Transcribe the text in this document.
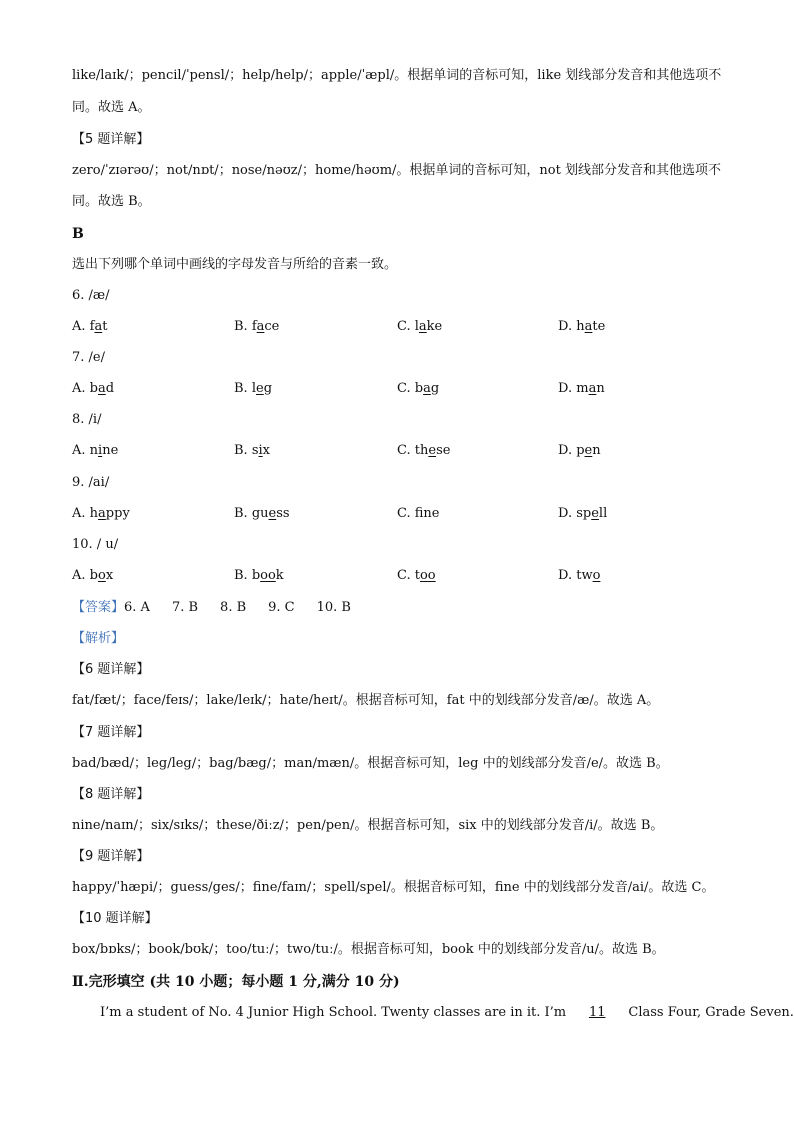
like/laɪk/；pencil/ˈpensl/；help/help/；apple/ˈæpl/。根据单词的音标可知，like 划线部分发音和其他选项不
同。故选 A。
【5 题详解】
zero/ˈzɪərəʊ/；not/nɒt/；nose/nəʊz/；home/həʊm/。根据单词的音标可知，not 划线部分发音和其他选项不
同。故选 B。
B
选出下列哪个单词中画线的字母发音与所给的音素一致。
6. /æ/
A. fat	B. face	C. lake	D. hate
7. /e/
A. bad	B. leg	C. bag	D. man
8. /i/
A. nine	B. six	C. these	D. pen
9. /ai/
A. happy	B. guess	C. fne	D. spell
10. / u/
A. box	B. book	C. too	D. two
【答案】6. A 7. B 8. B 9. C 10. B
【解析】
【6 题详解】
fat/fæt/；face/feɪs/；lake/leɪk/；hate/heɪt/。根据音标可知，fat 中的划线部分发音/æ/。故选 A。
【7 题详解】
bad/bæd/；leg/leg/；bag/bæg/；man/mæn/。根据音标可知，leg 中的划线部分发音/e/。故选 B。
【8 题详解】
nine/naɪn/；six/sɪks/；these/ðiːz/；pen/pen/。根据音标可知，six 中的划线部分发音/i/。故选 B。
【9 题详解】
happy/ˈhæpi/；guess/ges/；fine/faɪn/；spell/spel/。根据音标可知，fine 中的划线部分发音/ai/。故选 C。
【10 题详解】
box/bɒks/；book/bʊk/；too/tuː/；two/tuː/。根据音标可知，book 中的划线部分发音/u/。故选 B。
Ⅱ.完形填空 (共 10 小题；每小题 1 分,满分 10 分)
I’m a student of No. 4 Junior High School. Twenty classes are in it. I’m 11 Class Four, Grade Seven.
